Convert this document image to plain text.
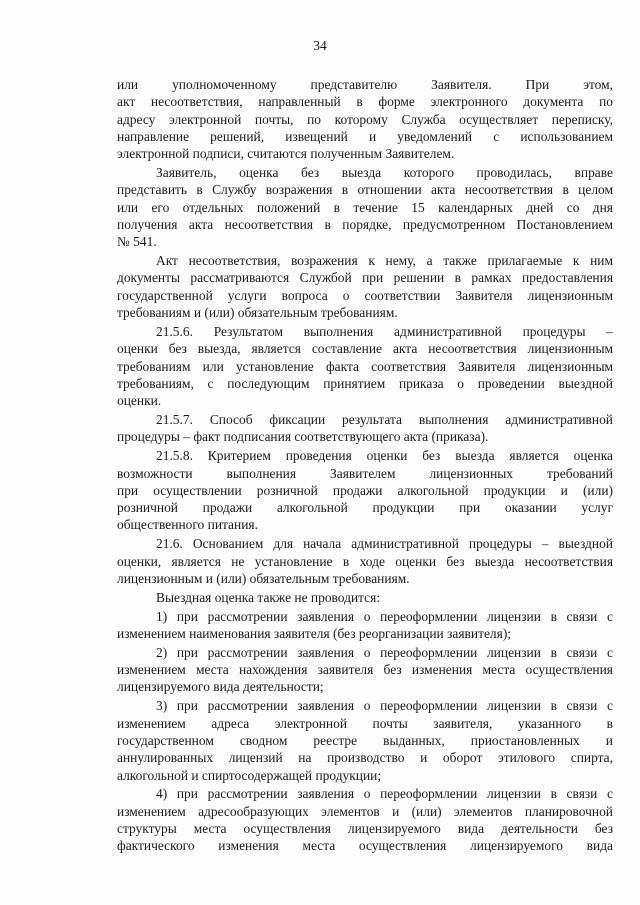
34

или уполномоченному представителю Заявителя. При этом,

акт несоответствия, направленный в форме электронного документа по

адресу электронной почты, по которому Служба осуществляет переписку,

направление решений, извещений и уведомлений с использованием

электронной подписи, считаются полученным Заявителем.

Заявитель, оценка без выезда которого проводилась, вправе

представить в Службу возражения в отношении акта несоответствия в целом

или его отдельных положений в течение 15 календарных дней со дня

получения акта несоответствия в порядке, предусмотренном Постановлением

№ 541.

Акт несоответствия, возражения к нему, а также прилагаемые к ним

документы рассматриваются Службой при решении в рамках предоставления

государственной услуги вопроса о соответствии Заявителя лицензионным

требованиям и (или) обязательным требованиям.

21.5.6. Результатом выполнения административной процедуры –

оценки без выезда, является составление акта несоответствия лицензионным

требованиям или установление факта соответствия Заявителя лицензионным

требованиям, с последующим принятием приказа о проведении выездной

оценки.

21.5.7. Способ фиксации результата выполнения административной

процедуры – факт подписания соответствующего акта (приказа).

21.5.8. Критерием проведения оценки без выезда является оценка

возможности выполнения Заявителем лицензионных требований

при осуществлении розничной продажи алкогольной продукции и (или)

розничной продажи алкогольной продукции при оказании услуг

общественного питания.

21.6. Основанием для начала административной процедуры – выездной

оценки, является не установление в ходе оценки без выезда несоответствия

лицензионным и (или) обязательным требованиям.

Выездная оценка также не проводится:

1) при рассмотрении заявления о переоформлении лицензии в связи с

изменением наименования заявителя (без реорганизации заявителя);

2) при рассмотрении заявления о переоформлении лицензии в связи с

изменением места нахождения заявителя без изменения места осуществления

лицензируемого вида деятельности;

3) при рассмотрении заявления о переоформлении лицензии в связи с

изменением адреса электронной почты заявителя, указанного в

государственном сводном реестре выданных, приостановленных и

аннулированных лицензий на производство и оборот этилового спирта,

алкогольной и спиртосодержащей продукции;

4) при рассмотрении заявления о переоформлении лицензии в связи с

изменением адресообразующих элементов и (или) элементов планировочной

структуры места осуществления лицензируемого вида деятельности без

фактического изменения места осуществления лицензируемого вида
